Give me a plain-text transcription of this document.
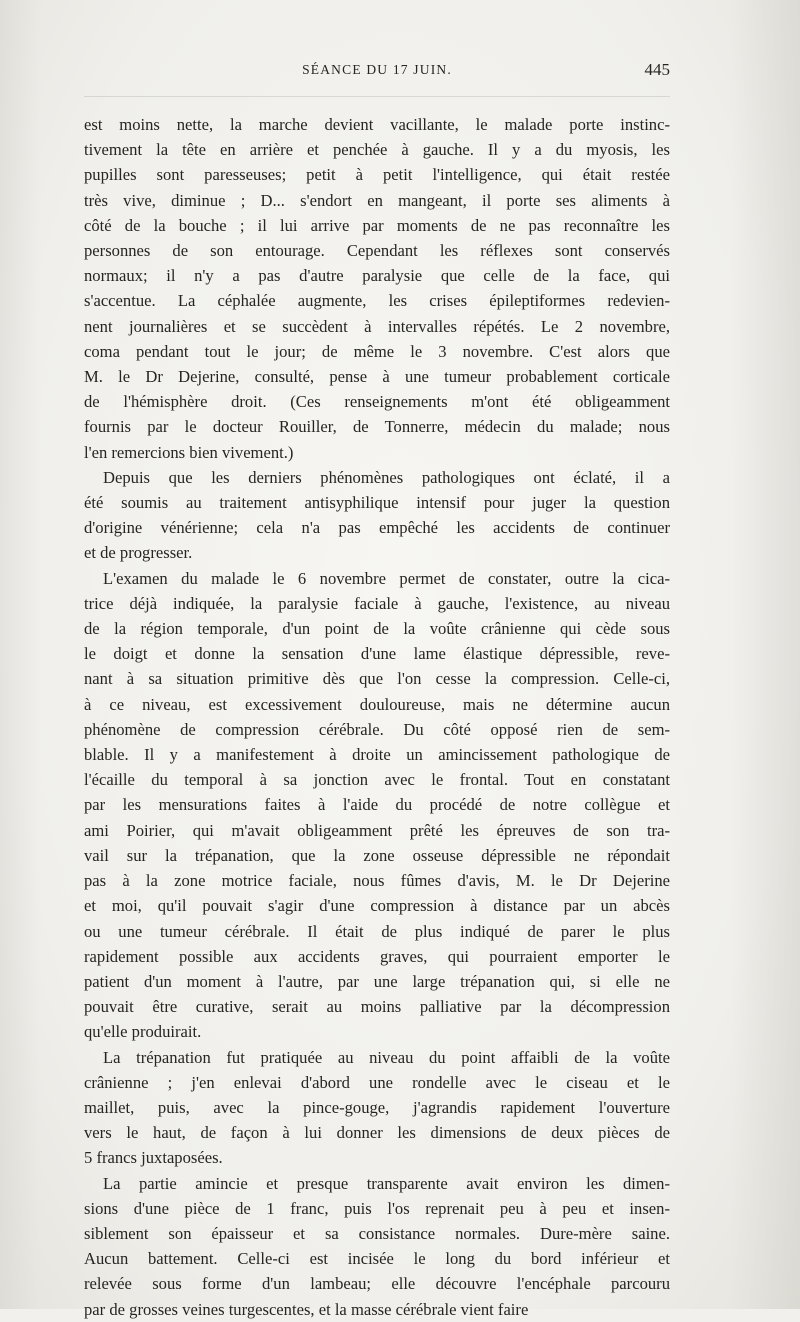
SÉANCE DU 17 JUIN.	445

est moins nette, la marche devient vacillante, le malade porte instinc-
tivement la tête en arrière et penchée à gauche. Il y a du myosis, les
pupilles sont paresseuses; petit à petit l'intelligence, qui était restée
très vive, diminue ; D... s'endort en mangeant, il porte ses aliments à
côté de la bouche ; il lui arrive par moments de ne pas reconnaître les
personnes de son entourage. Cependant les réflexes sont conservés
normaux; il n'y a pas d'autre paralysie que celle de la face, qui
s'accentue. La céphalée augmente, les crises épileptiformes redevien-
nent journalières et se succèdent à intervalles répétés. Le 2 novembre,
coma pendant tout le jour; de même le 3 novembre. C'est alors que
M. le Dr Dejerine, consulté, pense à une tumeur probablement corticale
de l'hémisphère droit. (Ces renseignements m'ont été obligeamment
fournis par le docteur Rouiller, de Tonnerre, médecin du malade; nous
l'en remercions bien vivement.)

Depuis que les derniers phénomènes pathologiques ont éclaté, il a
été soumis au traitement antisyphilique intensif pour juger la question
d'origine vénérienne; cela n'a pas empêché les accidents de continuer
et de progresser.

L'examen du malade le 6 novembre permet de constater, outre la cica-
trice déjà indiquée, la paralysie faciale à gauche, l'existence, au niveau
de la région temporale, d'un point de la voûte crânienne qui cède sous
le doigt et donne la sensation d'une lame élastique dépressible, reve-
nant à sa situation primitive dès que l'on cesse la compression. Celle-ci,
à ce niveau, est excessivement douloureuse, mais ne détermine aucun
phénomène de compression cérébrale. Du côté opposé rien de sem-
blable. Il y a manifestement à droite un amincissement pathologique de
l'écaille du temporal à sa jonction avec le frontal. Tout en constatant
par les mensurations faites à l'aide du procédé de notre collègue et
ami Poirier, qui m'avait obligeamment prêté les épreuves de son tra-
vail sur la trépanation, que la zone osseuse dépressible ne répondait
pas à la zone motrice faciale, nous fûmes d'avis, M. le Dr Dejerine
et moi, qu'il pouvait s'agir d'une compression à distance par un abcès
ou une tumeur cérébrale. Il était de plus indiqué de parer le plus
rapidement possible aux accidents graves, qui pourraient emporter le
patient d'un moment à l'autre, par une large trépanation qui, si elle ne
pouvait être curative, serait au moins palliative par la décompression
qu'elle produirait.

La trépanation fut pratiquée au niveau du point affaibli de la voûte
crânienne ; j'en enlevai d'abord une rondelle avec le ciseau et le
maillet, puis, avec la pince-gouge, j'agrandis rapidement l'ouverture
vers le haut, de façon à lui donner les dimensions de deux pièces de
5 francs juxtaposées.

La partie amincie et presque transparente avait environ les dimen-
sions d'une pièce de 1 franc, puis l'os reprenait peu à peu et insen-
siblement son épaisseur et sa consistance normales. Dure-mère saine.
Aucun battement. Celle-ci est incisée le long du bord inférieur et
relevée sous forme d'un lambeau; elle découvre l'encéphale parcouru
par de grosses veines turgescentes, et la masse cérébrale vient faire
